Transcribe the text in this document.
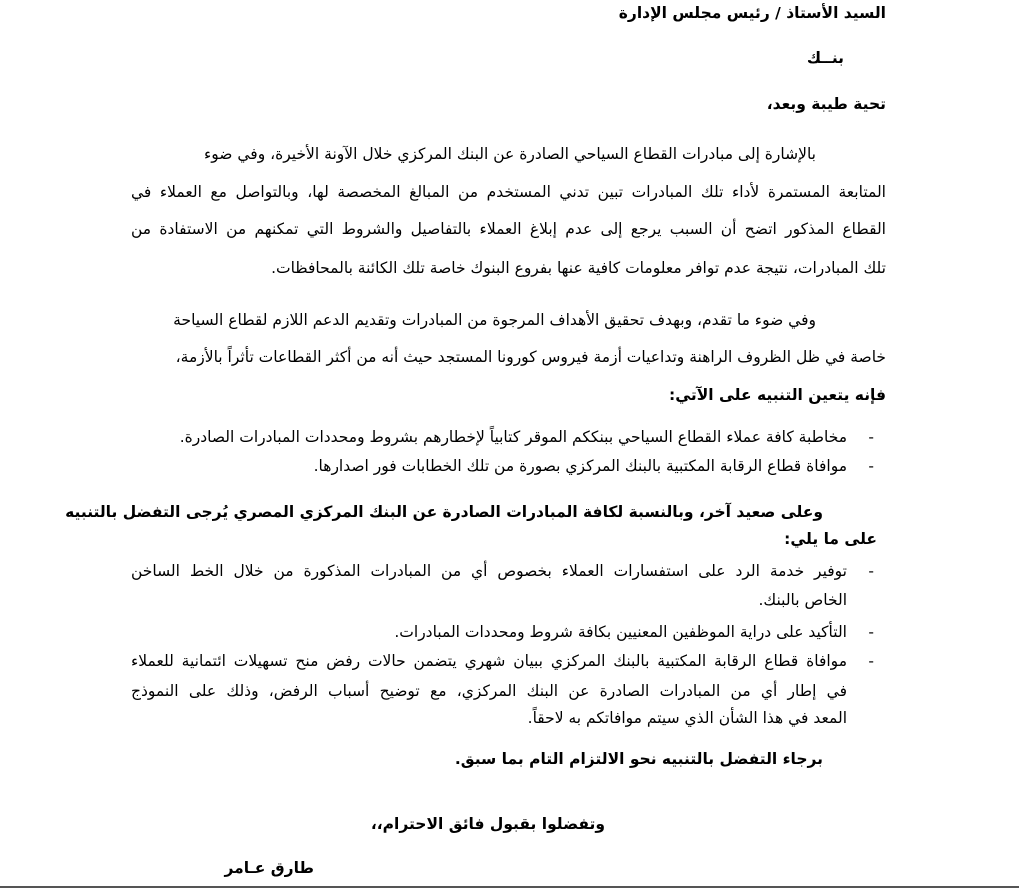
السيد الأستاذ / رئيس مجلس الإدارة
بنــك
تحية طيبة وبعد،
بالإشارة إلى مبادرات القطاع السياحي الصادرة عن البنك المركزي خلال الآونة الأخيرة، وفي ضوء
المتابعة المستمرة لأداء تلك المبادرات تبين تدني المستخدم من المبالغ المخصصة لها، وبالتواصل مع العملاء في
القطاع المذكور اتضح أن السبب يرجع إلى عدم إبلاغ العملاء بالتفاصيل والشروط التي تمكنهم من الاستفادة من
تلك المبادرات، نتيجة عدم توافر معلومات كافية عنها بفروع البنوك خاصة تلك الكائنة بالمحافظات.
وفي ضوء ما تقدم، وبهدف تحقيق الأهداف المرجوة من المبادرات وتقديم الدعم اللازم لقطاع السياحة
خاصة في ظل الظروف الراهنة وتداعيات أزمة فيروس كورونا المستجد حيث أنه من أكثر القطاعات تأثراً بالأزمة،
فإنه يتعين التنبيه على الآتي:
-
مخاطبة كافة عملاء القطاع السياحي ببنككم الموقر كتابياً لإخطارهم بشروط ومحددات المبادرات الصادرة.
-
موافاة قطاع الرقابة المكتبية بالبنك المركزي بصورة من تلك الخطابات فور اصدارها.
وعلى صعيد آخر، وبالنسبة لكافة المبادرات الصادرة عن البنك المركزي المصري يُرجى التفضل بالتنبيه
على ما يلي:
-
توفير خدمة الرد على استفسارات العملاء بخصوص أي من المبادرات المذكورة من خلال الخط الساخن
الخاص بالبنك.
-
التأكيد على دراية الموظفين المعنيين بكافة شروط ومحددات المبادرات.
-
موافاة قطاع الرقابة المكتبية بالبنك المركزي ببيان شهري يتضمن حالات رفض منح تسهيلات ائتمانية للعملاء
في إطار أي من المبادرات الصادرة عن البنك المركزي، مع توضيح أسباب الرفض، وذلك على النموذج
المعد في هذا الشأن الذي سيتم موافاتكم به لاحقاً.
برجاء التفضل بالتنبيه نحو الالتزام التام بما سبق.
وتفضلوا بقبول فائق الاحترام،،
طارق عـامر
